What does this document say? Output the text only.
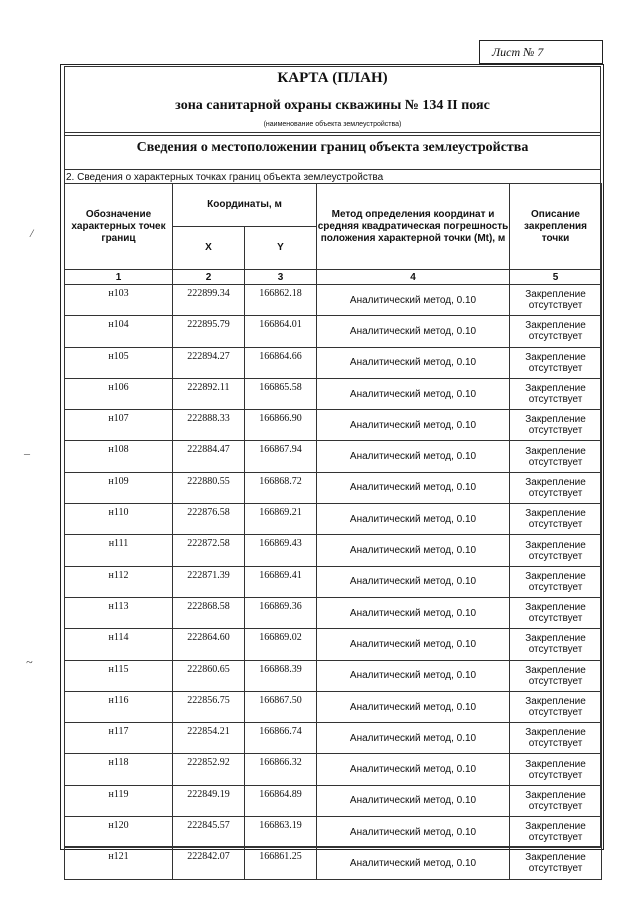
Лист № 7
КАРТА (ПЛАН)
зона санитарной охраны скважины № 134 II пояс
(наименование объекта землеустройства)
Сведения о местоположении границ объекта землеустройства
2. Сведения о характерных точках границ объекта землеустройства
Обозначение характерных точек границ	Координаты, м		Метод определения координат и средняя квадратическая погрешность положения характерной точки (Mt), м	Описание закрепления точки
	X	Y		
1	2	3	4	5
н103	222899.34	166862.18	Аналитический метод, 0.10	Закрепление
отсутствует
н104	222895.79	166864.01	Аналитический метод, 0.10	Закрепление
отсутствует
н105	222894.27	166864.66	Аналитический метод, 0.10	Закрепление
отсутствует
н106	222892.11	166865.58	Аналитический метод, 0.10	Закрепление
отсутствует
н107	222888.33	166866.90	Аналитический метод, 0.10	Закрепление
отсутствует
н108	222884.47	166867.94	Аналитический метод, 0.10	Закрепление
отсутствует
н109	222880.55	166868.72	Аналитический метод, 0.10	Закрепление
отсутствует
н110	222876.58	166869.21	Аналитический метод, 0.10	Закрепление
отсутствует
н111	222872.58	166869.43	Аналитический метод, 0.10	Закрепление
отсутствует
н112	222871.39	166869.41	Аналитический метод, 0.10	Закрепление
отсутствует
н113	222868.58	166869.36	Аналитический метод, 0.10	Закрепление
отсутствует
н114	222864.60	166869.02	Аналитический метод, 0.10	Закрепление
отсутствует
н115	222860.65	166868.39	Аналитический метод, 0.10	Закрепление
отсутствует
н116	222856.75	166867.50	Аналитический метод, 0.10	Закрепление
отсутствует
н117	222854.21	166866.74	Аналитический метод, 0.10	Закрепление
отсутствует
н118	222852.92	166866.32	Аналитический метод, 0.10	Закрепление
отсутствует
н119	222849.19	166864.89	Аналитический метод, 0.10	Закрепление
отсутствует
н120	222845.57	166863.19	Аналитический метод, 0.10	Закрепление
отсутствует
н121	222842.07	166861.25	Аналитический метод, 0.10	Закрепление
отсутствует
/
–
~
